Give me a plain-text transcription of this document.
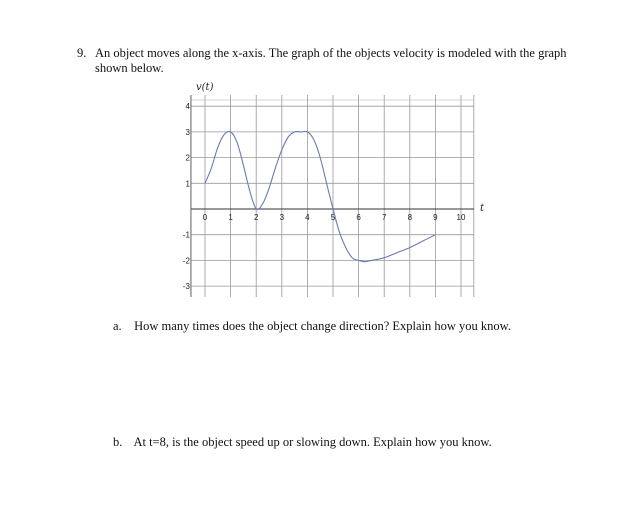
9. An object moves along the x-axis. The graph of the objects velocity is modeled with the graph shown below.
0	1	2	3	4	5	6	7	8	9 10
4
3
2
1
-1
-2
-3
v(t)
t
a. How many times does the object change direction? Explain how you know.
b. At t=8, is the object speed up or slowing down. Explain how you know.
